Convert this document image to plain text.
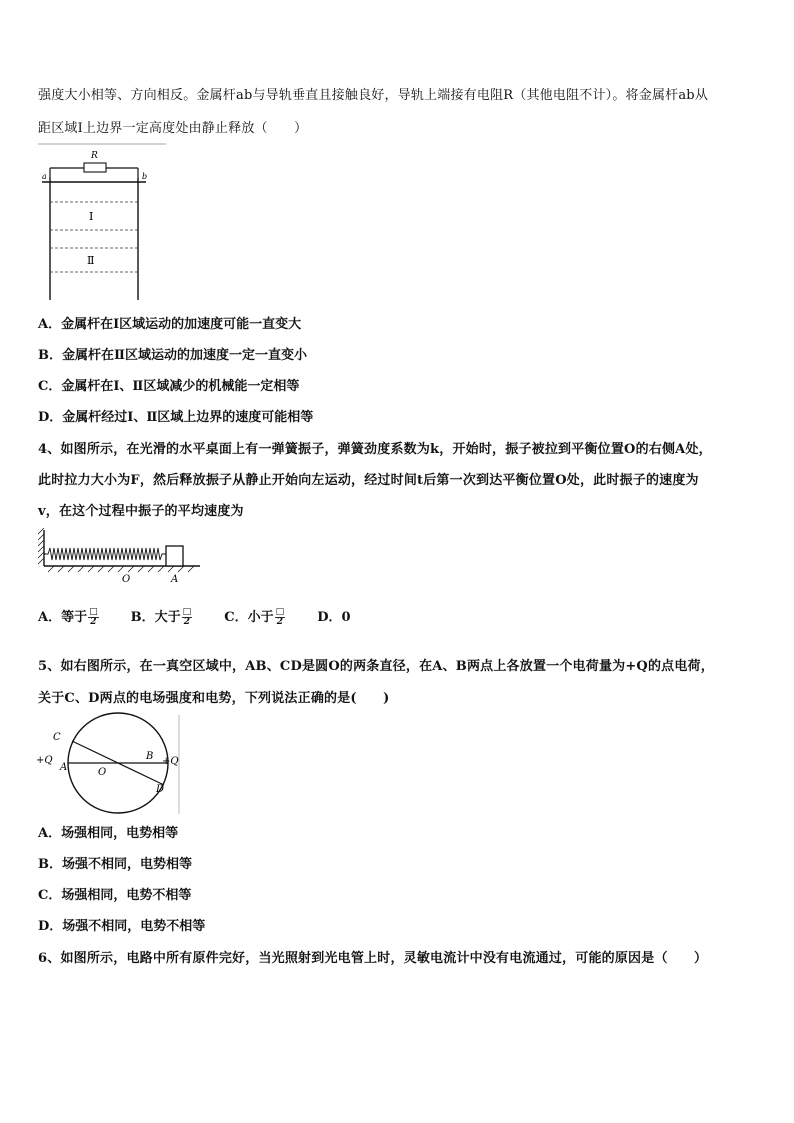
强度大小相等、方向相反。金属杆ab与导轨垂直且接触良好，导轨上端接有电阻R（其他电阻不计）。将金属杆ab从
距区域Ⅰ上边界一定高度处由静止释放（　　）
R
a	b
Ⅰ
Ⅱ
A．金属杆在Ⅰ区域运动的加速度可能一直变大
B．金属杆在Ⅱ区域运动的加速度一定一直变小
C．金属杆在Ⅰ、Ⅱ区域减少的机械能一定相等
D．金属杆经过Ⅰ、Ⅱ区域上边界的速度可能相等
4、如图所示，在光滑的水平桌面上有一弹簧振子，弹簧劲度系数为k，开始时，振子被拉到平衡位置O的右侧A处，
此时拉力大小为F，然后释放振子从静止开始向左运动，经过时间t后第一次到达平衡位置O处，此时振子的速度为
v，在这个过程中振子的平均速度为
O	A
A．等于 $\frac{□}{2}$ B．大于 $\frac{□}{2}$ C．小于 $\frac{□}{2}$ D．0
5、如右图所示，在一真空区域中，AB、CD是圆O的两条直径，在A、B两点上各放置一个电荷量为+Q的点电荷，
关于C、D两点的电场强度和电势，下列说法正确的是(　　)
+Q	+Q
C
A	O
B
D
A．场强相同，电势相等
B．场强不相同，电势相等
C．场强相同，电势不相等
D．场强不相同，电势不相等
6、如图所示，电路中所有原件完好，当光照射到光电管上时，灵敏电流计中没有电流通过，可能的原因是（　　）
